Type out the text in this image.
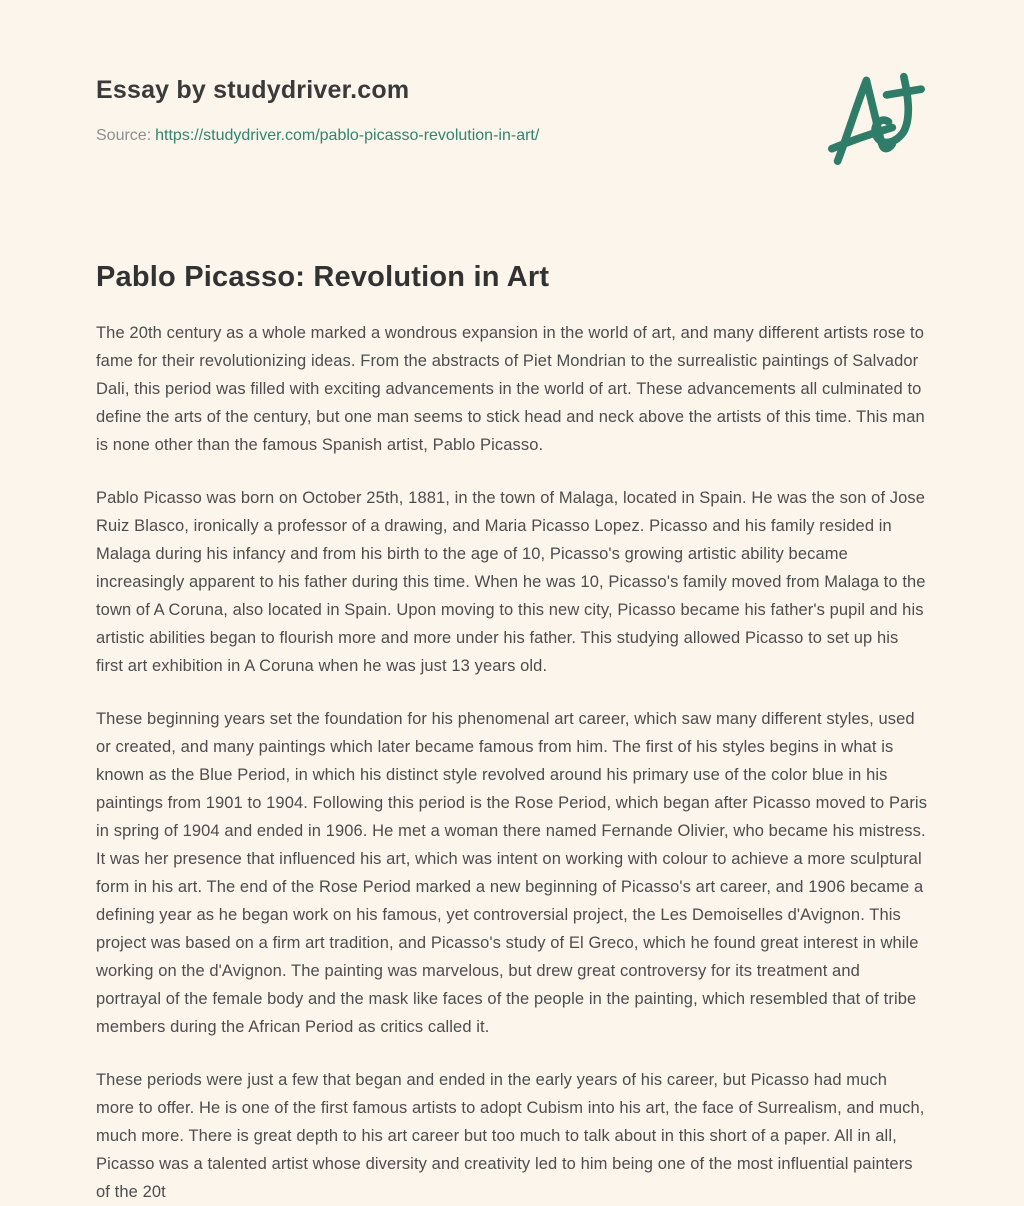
Essay by studydriver.com
Source: https://studydriver.com/pablo-picasso-revolution-in-art/
Pablo Picasso: Revolution in Art

The 20th century as a whole marked a wondrous expansion in the world of art, and many different artists rose to fame for their revolutionizing ideas. From the abstracts of Piet Mondrian to the surrealistic paintings of Salvador Dali, this period was filled with exciting advancements in the world of art. These advancements all culminated to define the arts of the century, but one man seems to stick head and neck above the artists of this time. This man is none other than the famous Spanish artist, Pablo Picasso.

Pablo Picasso was born on October 25th, 1881, in the town of Malaga, located in Spain. He was the son of Jose Ruiz Blasco, ironically a professor of a drawing, and Maria Picasso Lopez. Picasso and his family resided in Malaga during his infancy and from his birth to the age of 10, Picasso's growing artistic ability became increasingly apparent to his father during this time. When he was 10, Picasso's family moved from Malaga to the town of A Coruna, also located in Spain. Upon moving to this new city, Picasso became his father's pupil and his artistic abilities began to flourish more and more under his father. This studying allowed Picasso to set up his first art exhibition in A Coruna when he was just 13 years old.

These beginning years set the foundation for his phenomenal art career, which saw many different styles, used or created, and many paintings which later became famous from him. The first of his styles begins in what is known as the Blue Period, in which his distinct style revolved around his primary use of the color blue in his paintings from 1901 to 1904. Following this period is the Rose Period, which began after Picasso moved to Paris in spring of 1904 and ended in 1906. He met a woman there named Fernande Olivier, who became his mistress. It was her presence that influenced his art, which was intent on working with colour to achieve a more sculptural form in his art. The end of the Rose Period marked a new beginning of Picasso's art career, and 1906 became a defining year as he began work on his famous, yet controversial project, the Les Demoiselles d'Avignon. This project was based on a firm art tradition, and Picasso's study of El Greco, which he found great interest in while working on the d'Avignon. The painting was marvelous, but drew great controversy for its treatment and portrayal of the female body and the mask like faces of the people in the painting, which resembled that of tribe members during the African Period as critics called it.

These periods were just a few that began and ended in the early years of his career, but Picasso had much more to offer. He is one of the first famous artists to adopt Cubism into his art, the face of Surrealism, and much, much more. There is great depth to his art career but too much to talk about in this short of a paper. All in all, Picasso was a talented artist whose diversity and creativity led to him being one of the most influential painters of the 20t
